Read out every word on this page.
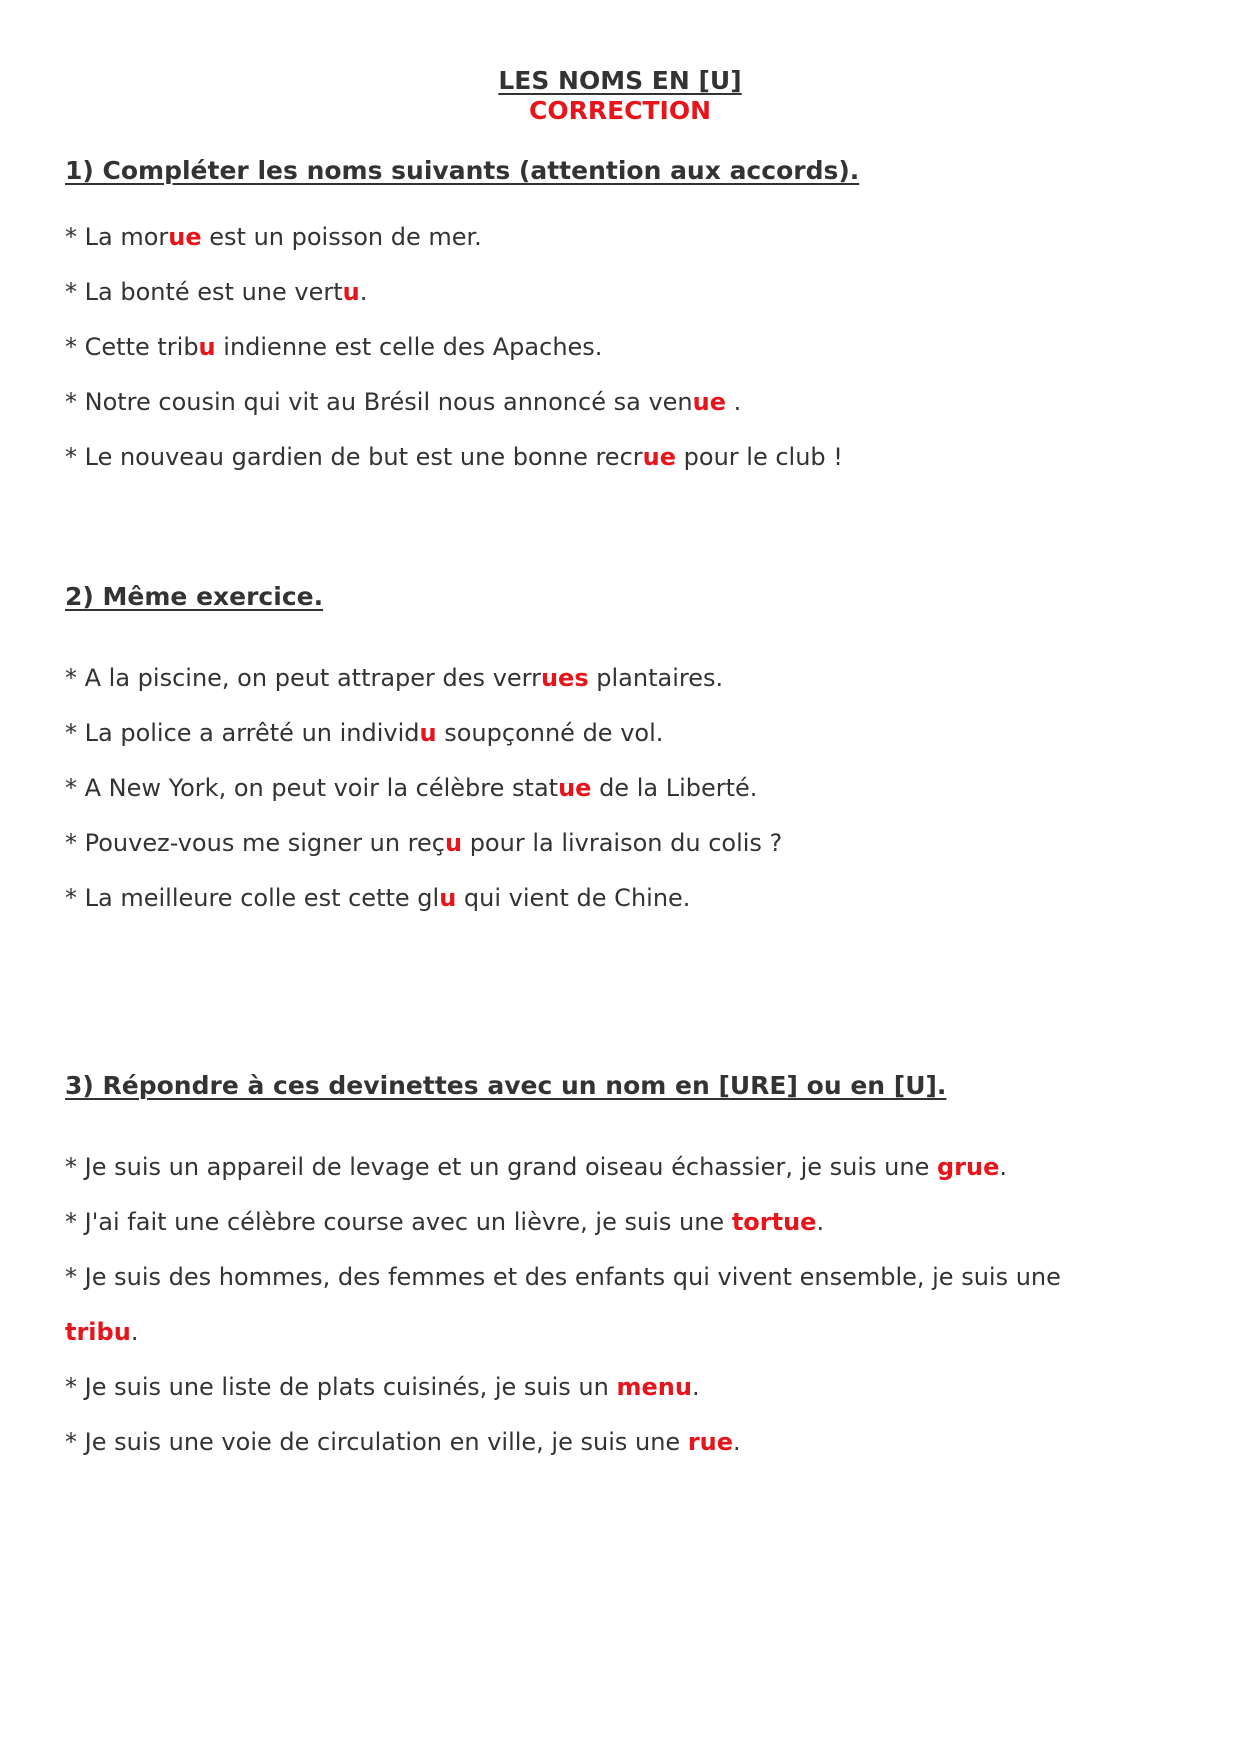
LES NOMS EN [U]
CORRECTION
1) Compléter les noms suivants (attention aux accords).
* La morue est un poisson de mer.
* La bonté est une vertu.
* Cette tribu indienne est celle des Apaches.
* Notre cousin qui vit au Brésil nous annoncé sa venue .
* Le nouveau gardien de but est une bonne recrue pour le club !
2) Même exercice.
* A la piscine, on peut attraper des verrues plantaires.
* La police a arrêté un individu soupçonné de vol.
* A New York, on peut voir la célèbre statue de la Liberté.
* Pouvez-vous me signer un reçu pour la livraison du colis ?
* La meilleure colle est cette glu qui vient de Chine.
3) Répondre à ces devinettes avec un nom en [URE] ou en [U].
* Je suis un appareil de levage et un grand oiseau échassier, je suis une grue.
* J'ai fait une célèbre course avec un lièvre, je suis une tortue.
* Je suis des hommes, des femmes et des enfants qui vivent ensemble, je suis une
tribu.
* Je suis une liste de plats cuisinés, je suis un menu.
* Je suis une voie de circulation en ville, je suis une rue.
